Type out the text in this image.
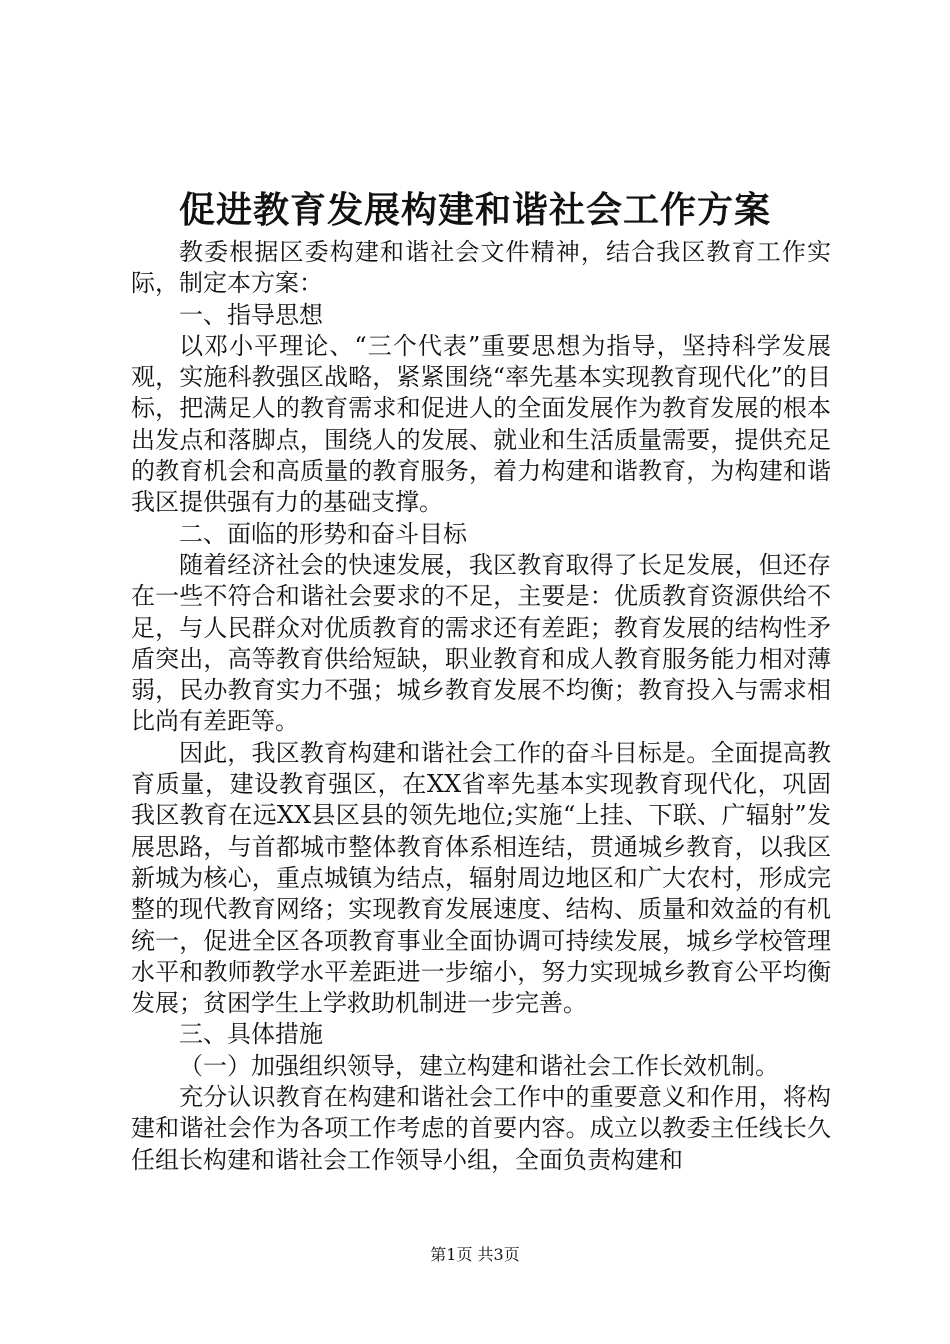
促进教育发展构建和谐社会工作方案

教委根据区委构建和谐社会文件精神，结合我区教育工作实际，制定本方案：

一、指导思想

以邓小平理论、“三个代表”重要思想为指导，坚持科学发展观，实施科教强区战略，紧紧围绕“率先基本实现教育现代化”的目标，把满足人的教育需求和促进人的全面发展作为教育发展的根本出发点和落脚点，围绕人的发展、就业和生活质量需要，提供充足的教育机会和高质量的教育服务，着力构建和谐教育，为构建和谐我区提供强有力的基础支撑。

二、面临的形势和奋斗目标

随着经济社会的快速发展，我区教育取得了长足发展，但还存在一些不符合和谐社会要求的不足，主要是：优质教育资源供给不足，与人民群众对优质教育的需求还有差距；教育发展的结构性矛盾突出，高等教育供给短缺，职业教育和成人教育服务能力相对薄弱，民办教育实力不强；城乡教育发展不均衡；教育投入与需求相比尚有差距等。

因此，我区教育构建和谐社会工作的奋斗目标是。全面提高教育质量，建设教育强区，在XX省率先基本实现教育现代化，巩固我区教育在远XX县区县的领先地位;实施“上挂、下联、广辐射”发展思路，与首都城市整体教育体系相连结，贯通城乡教育，以我区新城为核心，重点城镇为结点，辐射周边地区和广大农村，形成完整的现代教育网络；实现教育发展速度、结构、质量和效益的有机统一，促进全区各项教育事业全面协调可持续发展，城乡学校管理水平和教师教学水平差距进一步缩小，努力实现城乡教育公平均衡发展；贫困学生上学救助机制进一步完善。

三、具体措施

（一）加强组织领导，建立构建和谐社会工作长效机制。

充分认识教育在构建和谐社会工作中的重要意义和作用，将构建和谐社会作为各项工作考虑的首要内容。成立以教委主任线长久任组长构建和谐社会工作领导小组，全面负责构建和

第1页 共3页
